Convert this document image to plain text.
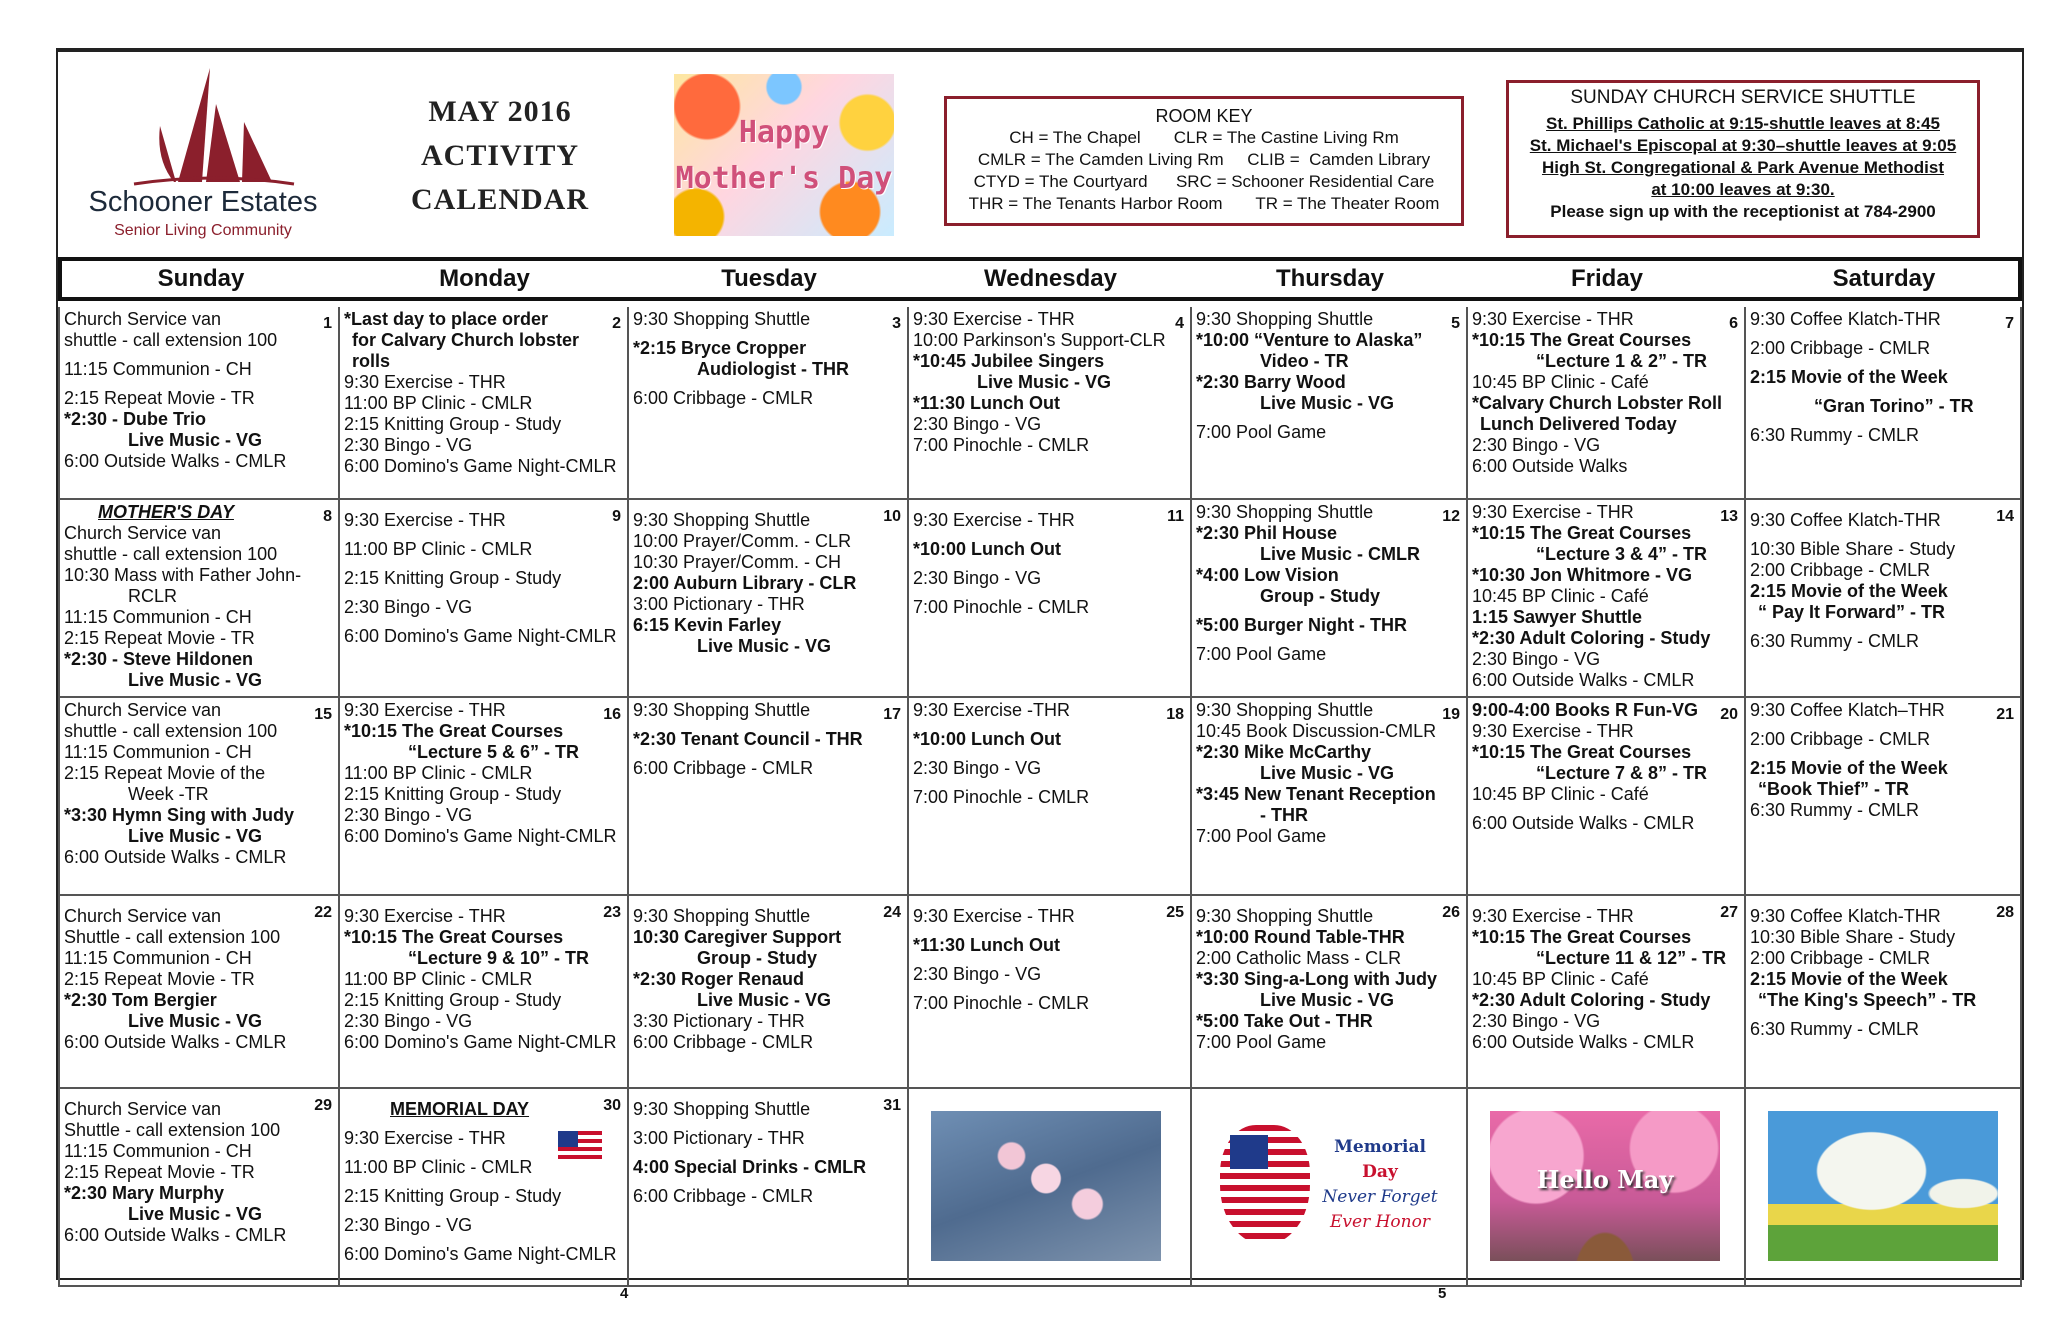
Schooner Estates
Senior Living Community
MAY 2016
ACTIVITY
CALENDAR
Happy
Mother's Day
ROOM KEY
CH = The Chapel       CLR = The Castine Living Rm
CMLR = The Camden Living Rm     CLIB =  Camden Library
CTYD = The Courtyard      SRC = Schooner Residential Care
THR = The Tenants Harbor Room       TR = The Theater Room
SUNDAY CHURCH SERVICE SHUTTLE
St. Phillips Catholic at 9:15-shuttle leaves at 8:45
St. Michael's Episcopal at 9:30–shuttle leaves at 9:05
High St. Congregational & Park Avenue Methodist
at 10:00 leaves at 9:30.
Please sign up with the receptionist at 784-2900
Sunday	Monday	Tuesday	Wednesday	Thursday	Friday	Saturday
1
Church Service van
shuttle - call extension 100
11:15 Communion - CH
2:15 Repeat Movie - TR
*2:30 - Dube Trio
Live Music - VG
6:00 Outside Walks - CMLR
2
*Last day to place order
for Calvary Church lobster
rolls
9:30 Exercise - THR
11:00 BP Clinic - CMLR
2:15 Knitting Group - Study
2:30 Bingo - VG
6:00 Domino's Game Night-CMLR
3
9:30 Shopping Shuttle
*2:15 Bryce Cropper
Audiologist - THR
6:00 Cribbage - CMLR
4
9:30 Exercise - THR
10:00 Parkinson's Support-CLR
*10:45 Jubilee Singers
Live Music - VG
*11:30 Lunch Out
2:30 Bingo - VG
7:00 Pinochle - CMLR
5
9:30 Shopping Shuttle
*10:00 “Venture to Alaska”
Video - TR
*2:30 Barry Wood
Live Music - VG
7:00 Pool Game
6
9:30 Exercise - THR
*10:15 The Great Courses
“Lecture 1 & 2” - TR
10:45 BP Clinic - Café
*Calvary Church Lobster Roll
Lunch Delivered Today
2:30 Bingo - VG
6:00 Outside Walks
7
9:30 Coffee Klatch-THR
2:00 Cribbage - CMLR
2:15 Movie of the Week
“Gran Torino” - TR
6:30 Rummy - CMLR
8
MOTHER'S DAY
Church Service van
shuttle - call extension 100
10:30 Mass with Father John-
RCLR
11:15 Communion - CH
2:15 Repeat Movie - TR
*2:30 - Steve Hildonen
Live Music - VG
9
9:30 Exercise - THR
11:00 BP Clinic - CMLR
2:15 Knitting Group - Study
2:30 Bingo - VG
6:00 Domino's Game Night-CMLR
10
9:30 Shopping Shuttle
10:00 Prayer/Comm. - CLR
10:30 Prayer/Comm. - CH
2:00 Auburn Library - CLR
3:00 Pictionary - THR
6:15 Kevin Farley
Live Music - VG
11
9:30 Exercise - THR
*10:00 Lunch Out
2:30 Bingo - VG
7:00 Pinochle - CMLR
12
9:30 Shopping Shuttle
*2:30 Phil House
Live Music - CMLR
*4:00 Low Vision
Group - Study
*5:00 Burger Night - THR
7:00 Pool Game
13
9:30 Exercise - THR
*10:15 The Great Courses
“Lecture 3 & 4” - TR
*10:30 Jon Whitmore - VG
10:45 BP Clinic - Café
1:15 Sawyer Shuttle
*2:30 Adult Coloring - Study
2:30 Bingo - VG
6:00 Outside Walks - CMLR
14
9:30 Coffee Klatch-THR
10:30 Bible Share - Study
2:00 Cribbage - CMLR
2:15 Movie of the Week
“ Pay It Forward” - TR
6:30 Rummy - CMLR
15
Church Service van
shuttle - call extension 100
11:15 Communion - CH
2:15 Repeat Movie of the
Week -TR
*3:30 Hymn Sing with Judy
Live Music - VG
6:00 Outside Walks - CMLR
16
9:30 Exercise - THR
*10:15 The Great Courses
“Lecture 5 & 6” - TR
11:00 BP Clinic - CMLR
2:15 Knitting Group - Study
2:30 Bingo - VG
6:00 Domino's Game Night-CMLR
17
9:30 Shopping Shuttle
*2:30 Tenant Council - THR
6:00 Cribbage - CMLR
18
9:30 Exercise -THR
*10:00 Lunch Out
2:30 Bingo - VG
7:00 Pinochle - CMLR
19
9:30 Shopping Shuttle
10:45 Book Discussion-CMLR
*2:30 Mike McCarthy
Live Music - VG
*3:45 New Tenant Reception
- THR
7:00 Pool Game
20
9:00-4:00 Books R Fun-VG
9:30 Exercise - THR
*10:15 The Great Courses
“Lecture 7 & 8” - TR
10:45 BP Clinic - Café
6:00 Outside Walks - CMLR
21
9:30 Coffee Klatch–THR
2:00 Cribbage - CMLR
2:15 Movie of the Week
“Book Thief” - TR
6:30 Rummy - CMLR
22
Church Service van
Shuttle - call extension 100
11:15 Communion - CH
2:15 Repeat Movie - TR
*2:30 Tom Bergier
Live Music - VG
6:00 Outside Walks - CMLR
23
9:30 Exercise - THR
*10:15 The Great Courses
“Lecture 9 & 10” - TR
11:00 BP Clinic - CMLR
2:15 Knitting Group - Study
2:30 Bingo - VG
6:00 Domino's Game Night-CMLR
24
9:30 Shopping Shuttle
10:30 Caregiver Support
Group - Study
*2:30 Roger Renaud
Live Music - VG
3:30 Pictionary - THR
6:00 Cribbage - CMLR
25
9:30 Exercise - THR
*11:30 Lunch Out
2:30 Bingo - VG
7:00 Pinochle - CMLR
26
9:30 Shopping Shuttle
*10:00 Round Table-THR
2:00 Catholic Mass - CLR
*3:30 Sing-a-Long with Judy
Live Music - VG
*5:00 Take Out - THR
7:00 Pool Game
27
9:30 Exercise - THR
*10:15 The Great Courses
“Lecture 11 & 12” - TR
10:45 BP Clinic - Café
*2:30 Adult Coloring - Study
2:30 Bingo - VG
6:00 Outside Walks - CMLR
28
9:30 Coffee Klatch-THR
10:30 Bible Share - Study
2:00 Cribbage - CMLR
2:15 Movie of the Week
“The King's Speech” - TR
6:30 Rummy - CMLR
29
Church Service van
Shuttle - call extension 100
11:15 Communion - CH
2:15 Repeat Movie - TR
*2:30 Mary Murphy
Live Music - VG
6:00 Outside Walks - CMLR
30
MEMORIAL DAY
9:30 Exercise - THR
11:00 BP Clinic - CMLR
2:15 Knitting Group - Study
2:30 Bingo - VG
6:00 Domino's Game Night-CMLR
31
9:30 Shopping Shuttle
3:00 Pictionary - THR
4:00 Special Drinks - CMLR
6:00 Cribbage - CMLR
Memorial
Day
Never Forget
Ever Honor
Hello May
4	5
